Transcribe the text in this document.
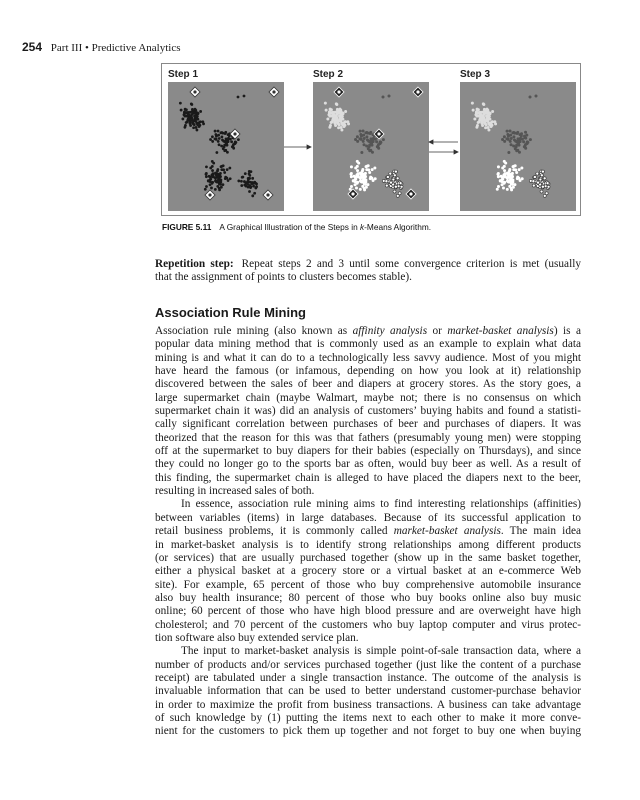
254 Part III • Predictive Analytics
Step 1	Step 2	Step 3
FIGURE 5.11 A Graphical Illustration of the Steps in k-Means Algorithm.
Repetition step: Repeat steps 2 and 3 until some convergence criterion is met (usually
that the assignment of points to clusters becomes stable).
Association Rule Mining
Association rule mining (also known as affinity analysis or market-basket analysis) is a
popular data mining method that is commonly used as an example to explain what data
mining is and what it can do to a technologically less savvy audience. Most of you might
have heard the famous (or infamous, depending on how you look at it) relationship
discovered between the sales of beer and diapers at grocery stores. As the story goes, a
large supermarket chain (maybe Walmart, maybe not; there is no consensus on which
supermarket chain it was) did an analysis of customers’ buying habits and found a statisti-
cally significant correlation between purchases of beer and purchases of diapers. It was
theorized that the reason for this was that fathers (presumably young men) were stopping
off at the supermarket to buy diapers for their babies (especially on Thursdays), and since
they could no longer go to the sports bar as often, would buy beer as well. As a result of
this finding, the supermarket chain is alleged to have placed the diapers next to the beer,
resulting in increased sales of both.
In essence, association rule mining aims to find interesting relationships (affinities)
between variables (items) in large databases. Because of its successful application to
retail business problems, it is commonly called market-basket analysis. The main idea
in market-basket analysis is to identify strong relationships among different products
(or services) that are usually purchased together (show up in the same basket together,
either a physical basket at a grocery store or a virtual basket at an e-commerce Web
site). For example, 65 percent of those who buy comprehensive automobile insurance
also buy health insurance; 80 percent of those who buy books online also buy music
online; 60 percent of those who have high blood pressure and are overweight have high
cholesterol; and 70 percent of the customers who buy laptop computer and virus protec-
tion software also buy extended service plan.
The input to market-basket analysis is simple point-of-sale transaction data, where a
number of products and/or services purchased together (just like the content of a purchase
receipt) are tabulated under a single transaction instance. The outcome of the analysis is
invaluable information that can be used to better understand customer-purchase behavior
in order to maximize the profit from business transactions. A business can take advantage
of such knowledge by (1) putting the items next to each other to make it more conve-
nient for the customers to pick them up together and not forget to buy one when buying
